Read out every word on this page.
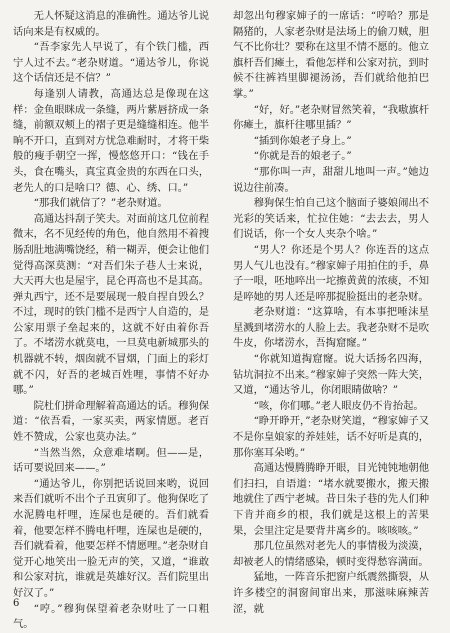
无人怀疑这消息的准确性。通达爷儿说话向来是有权威的。

“吾李家先人早说了，有个铁门槛，西宁人过不去。”老杂财道。“通达爷儿，你说这个话信还是不信？”

每逢别人请教，高通达总是像现在这样：金鱼眼眯成一条缝，两片紫唇挤成一条缝，前额双颊上的褶子更是缝缝相连。他半晌不开口，直到对方忧急难耐时，才将干柴般的瘦手朝空一挥，慢悠悠开口：“钱在手头，食在嘴头，真宝真金贵的东西在口头，老先人的口是啥口？德、心、绣、口。”

“那我们就信了？”老杂财道。

高通达抖刮子笑夫。对面前这几位前程微末，名不见经传的角色，他自然用不着搜肠刮肚地满嘴饶经，稍一糊弄，便会让他们觉得高深莫测：“对吾们朱子巷人士来说，大天再大也是屋宇，昆仑再高也不是其高。弹丸西宁，还不是要展现一般自捏自毁么？不过，现时的铁门槛不是西宁人自造的，是公家用票子垒起来的，这就不好由着你吾了。不堵涝水就莫电，一旦莫电新城那头的机器就不转，烟囱就不冒烟，门面上的彩灯就不闪，好吾的老城百姓哩，事情不好办哪。”

院杜们拼命理解着高通达的话。穆狗保道：“依吾看，一家买卖，两家情愿。老百姓不赞成，公家也莫办法。”

“当然当然，众意难堵啊。但——是，话可要说回来——。”

“通达爷儿，你别把话说回来哟，说回来吾们就听不出个子丑寅卯了。他狗保吃了水泥腾电杆哩，连屎也是硬的。吾们就看着，他要怎样不腾电杆哩，连屎也是硬的，吾们就看着，他要怎样不情愿哩。”老杂财自觉开心地笑出一脸无声的笑，又道，“谁敢和公家对抗，谁就是英雄好汉。吾们院里出好汉了。”

“哼。”穆狗保望着老杂财吐了一口粗气。

却忽出句穆家婶子的一席话：“哼哈？那是隔猪的，人家老杂财是法场上的偷刀贼，胆气不比你壮？要称在这里不情不愿的。他立旗杆吾们瘫土，看他怎样和公家对抗，到时候不往裤裆里脚褪汤汤，吾们就给他拍巴掌。”

“好，好。”老杂财冒然笑着，“我嗷旗杆你瘫土，旗杆往哪里插？”

“插到你娘老子身上。”

“你就是吾的娘老子。”

“那你叫一声，甜甜儿地叫一声。”她边说边往前凑。

穆狗保生怕自己这个脑面子婆娘闹出不光彩的笑话来，忙拉住她：“去去去，男人们说话，你一个女人夹杂个啥。”

“男人？你还是个男人？你连吾的这点男人气儿也没有。”穆家婶子用拍住的手，鼻子一哏，呸地啐出一坨擦黄黄的浓痰，不知是啐她的男人还是啐那捉脸挺出的老杂财。

老杂财道：“这算啥，有本事把唾沫星星溅到堵涝水的人脸上去。我老杂财不是吹牛皮，你堵涝水，吾掏窟窿。”

“你就知道掏窟窿。说大话扬名四海，钻坑洞拉不出来。”穆家婶子突然一阵大笑，又道，“通达爷儿，你闭眼睛做啥？”

“咳，你们哪。”老人眼皮仍不肯抬起。

“睁开睁开，”老杂财笑道，“穆家婶子又不是你皇娘家的养娃娃，话不好听是真的，那你塞耳朵哟。”

高通达慢腾腾睁开眼，目光钝钝地朝他们扫扫，自语道：“堵水就要搬水，搬天搬地就住了西宁老城。昔日朱子巷的先人们种下肯并商乡的根，我们就是这根上的苦果果，会里注定是要背井离乡的。咳咳咳。”

那几位虽然对老先人的事情极为淡漠，却被老人的情绪感染，顿时变得愁容满面。

猛地，一阵音乐把窗户纸震然撕裂，从许多楼空的洞窗间窜出来，那滋味麻辣苦涩，就

6
